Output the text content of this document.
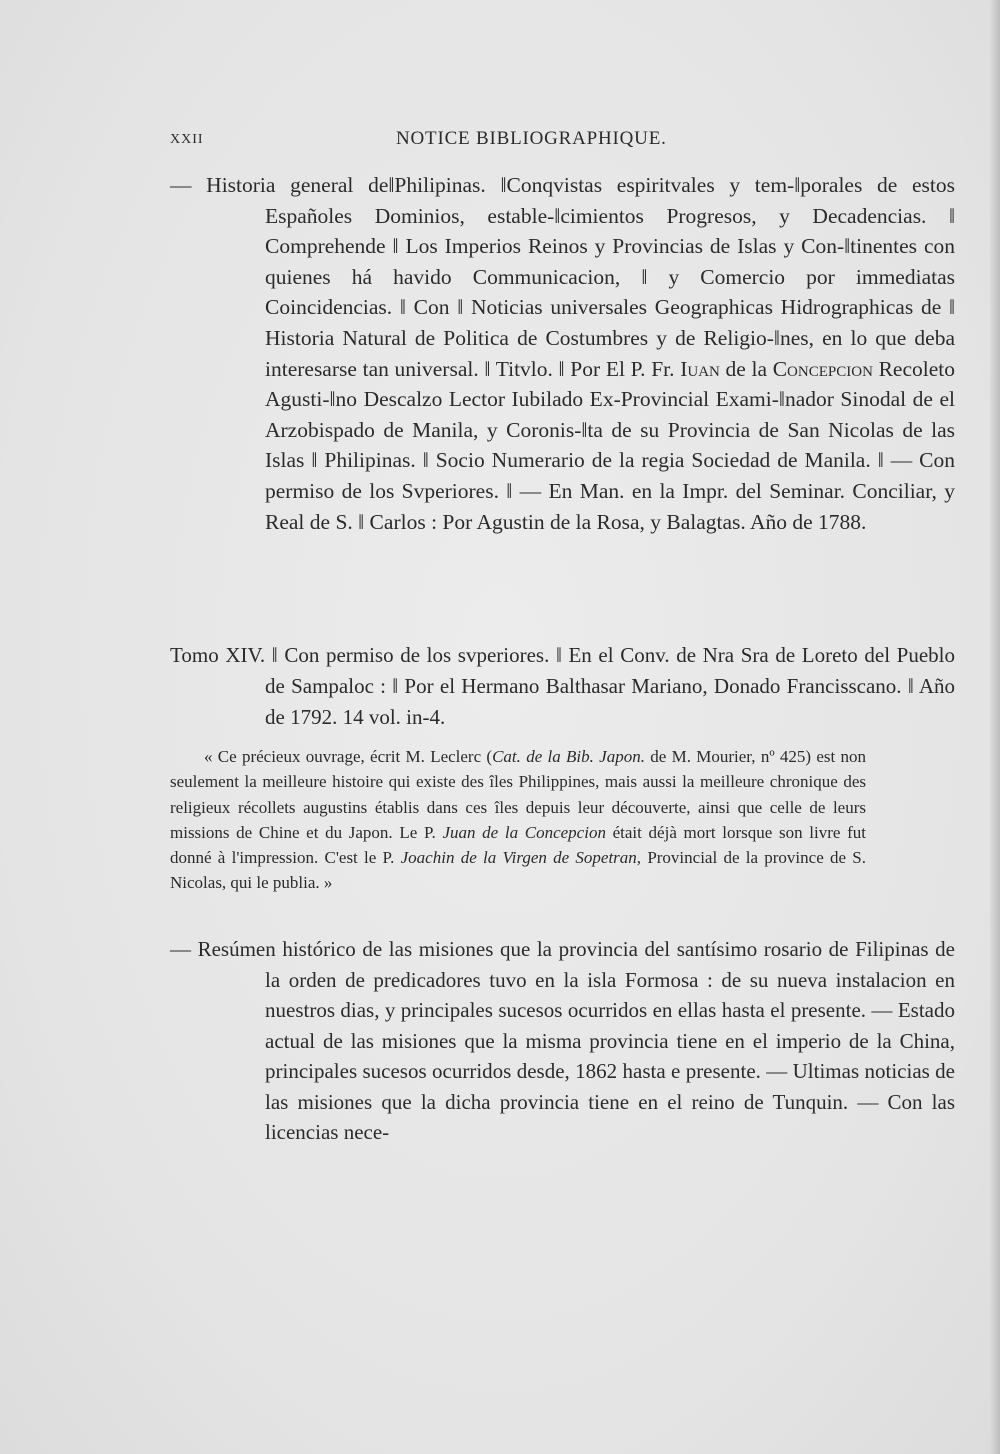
XXII	NOTICE BIBLIOGRAPHIQUE.

— Historia general de‖Philipinas. ‖Conqvistas espiritvales y tem-‖porales de estos Españoles Dominios, estable-‖cimientos Progresos, y Decadencias. ‖ Comprehende ‖ Los Imperios Reinos y Provincias de Islas y Con-‖tinentes con quienes há havido Communicacion, ‖ y Comercio por immediatas Coincidencias. ‖ Con ‖ Noticias universales Geographicas Hidrographicas de ‖ Historia Natural de Politica de Costumbres y de Religio-‖nes, en lo que deba interesarse tan universal. ‖ Titvlo. ‖ Por El P. Fr. Iuan de la Concepcion Recoleto Agusti-‖no Descalzo Lector Iubilado Ex-Provincial Exami-‖nador Sinodal de el Arzobispado de Manila, y Coronis-‖ta de su Provincia de San Nicolas de las Islas ‖ Philipinas. ‖ Socio Numerario de la regia Sociedad de Manila. ‖ — Con permiso de los Svperiores. ‖ — En Man. en la Impr. del Seminar. Conciliar, y Real de S. ‖ Carlos : Por Agustin de la Rosa, y Balagtas. Año de 1788.

Tomo XIV. ‖ Con permiso de los svperiores. ‖ En el Conv. de Nra Sra de Loreto del Pueblo de Sampaloc : ‖ Por el Hermano Balthasar Mariano, Donado Francisscano. ‖ Año de 1792. 14 vol. in-4.

« Ce précieux ouvrage, écrit M. Leclerc (Cat. de la Bib. Japon. de M. Mourier, nº 425) est non seulement la meilleure histoire qui existe des îles Philippines, mais aussi la meilleure chronique des religieux récollets augustins établis dans ces îles depuis leur découverte, ainsi que celle de leurs missions de Chine et du Japon. Le P. Juan de la Concepcion était déjà mort lorsque son livre fut donné à l'impression. C'est le P. Joachin de la Virgen de Sopetran, Provincial de la province de S. Nicolas, qui le publia. »

— Resúmen histórico de las misiones que la provincia del santísimo rosario de Filipinas de la orden de predicadores tuvo en la isla Formosa : de su nueva instalacion en nuestros dias, y principales sucesos ocurridos en ellas hasta el presente. — Estado actual de las misiones que la misma provincia tiene en el imperio de la China, principales sucesos ocurridos desde, 1862 hasta e presente. — Ultimas noticias de las misiones que la dicha provincia tiene en el reino de Tunquin. — Con las licencias nece-
